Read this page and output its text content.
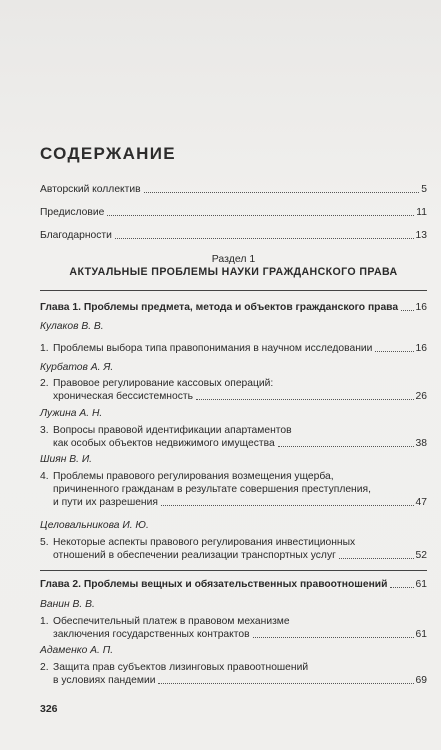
СОДЕРЖАНИЕ
Авторский коллектив	5
Предисловие	11
Благодарности	13
Раздел 1
АКТУАЛЬНЫЕ ПРОБЛЕМЫ НАУКИ ГРАЖДАНСКОГО ПРАВА
Глава 1. Проблемы предмета, метода и объектов гражданского права 16
Кулаков В. В.
1. Проблемы выбора типа правопонимания в научном исследовании	16
Курбатов А. Я.
2. Правовое регулирование кассовых операций:
хроническая бессистемность	26
Лужина А. Н.
3. Вопросы правовой идентификации апартаментов
как особых объектов недвижимого имущества	38
Шиян В. И.
4. Проблемы правового регулирования возмещения ущерба,
причиненного гражданам в результате совершения преступления,
и пути их разрешения	47
Целовальникова И. Ю.
5. Некоторые аспекты правового регулирования инвестиционных
отношений в обеспечении реализации транспортных услуг	52
Глава 2. Проблемы вещных и обязательственных правоотношений	61
Ванин В. В.
1. Обеспечительный платеж в правовом механизме
заключения государственных контрактов	61
Адаменко А. П.
2. Защита прав субъектов лизинговых правоотношений
в условиях пандемии	69
326
